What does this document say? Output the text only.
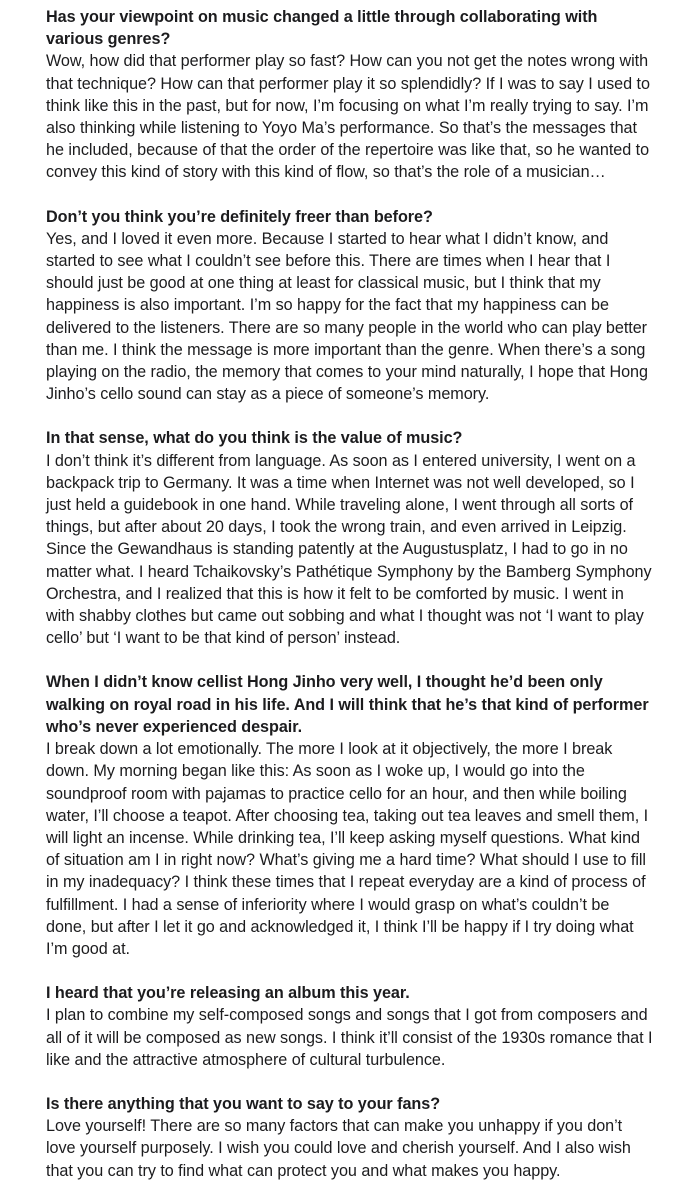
Has your viewpoint on music changed a little through collaborating with various genres?

Wow, how did that performer play so fast? How can you not get the notes wrong with that technique? How can that performer play it so splendidly? If I was to say I used to think like this in the past, but for now, I’m focusing on what I’m really trying to say. I’m also thinking while listening to Yoyo Ma’s performance. So that’s the messages that he included, because of that the order of the repertoire was like that, so he wanted to convey this kind of story with this kind of flow, so that’s the role of a musician…

Don’t you think you’re definitely freer than before?

Yes, and I loved it even more. Because I started to hear what I didn’t know, and started to see what I couldn’t see before this. There are times when I hear that I should just be good at one thing at least for classical music, but I think that my happiness is also important. I’m so happy for the fact that my happiness can be delivered to the listeners. There are so many people in the world who can play better than me. I think the message is more important than the genre. When there’s a song playing on the radio, the memory that comes to your mind naturally, I hope that Hong Jinho’s cello sound can stay as a piece of someone’s memory.

In that sense, what do you think is the value of music?

I don’t think it’s different from language. As soon as I entered university, I went on a backpack trip to Germany. It was a time when Internet was not well developed, so I just held a guidebook in one hand. While traveling alone, I went through all sorts of things, but after about 20 days, I took the wrong train, and even arrived in Leipzig. Since the Gewandhaus is standing patently at the Augustusplatz, I had to go in no matter what. I heard Tchaikovsky’s Pathétique Symphony by the Bamberg Symphony Orchestra, and I realized that this is how it felt to be comforted by music. I went in with shabby clothes but came out sobbing and what I thought was not ‘I want to play cello’ but ‘I want to be that kind of person’ instead.

When I didn’t know cellist Hong Jinho very well, I thought he’d been only walking on royal road in his life. And I will think that he’s that kind of performer who’s never experienced despair.

I break down a lot emotionally. The more I look at it objectively, the more I break down. My morning began like this: As soon as I woke up, I would go into the soundproof room with pajamas to practice cello for an hour, and then while boiling water, I’ll choose a teapot. After choosing tea, taking out tea leaves and smell them, I will light an incense. While drinking tea, I’ll keep asking myself questions. What kind of situation am I in right now? What’s giving me a hard time? What should I use to fill in my inadequacy? I think these times that I repeat everyday are a kind of process of fulfillment. I had a sense of inferiority where I would grasp on what’s couldn’t be done, but after I let it go and acknowledged it, I think I’ll be happy if I try doing what I’m good at.

I heard that you’re releasing an album this year.

I plan to combine my self-composed songs and songs that I got from composers and all of it will be composed as new songs. I think it’ll consist of the 1930s romance that I like and the attractive atmosphere of cultural turbulence.

Is there anything that you want to say to your fans?

Love yourself! There are so many factors that can make you unhappy if you don’t love yourself purposely. I wish you could love and cherish yourself. And I also wish that you can try to find what can protect you and what makes you happy.
